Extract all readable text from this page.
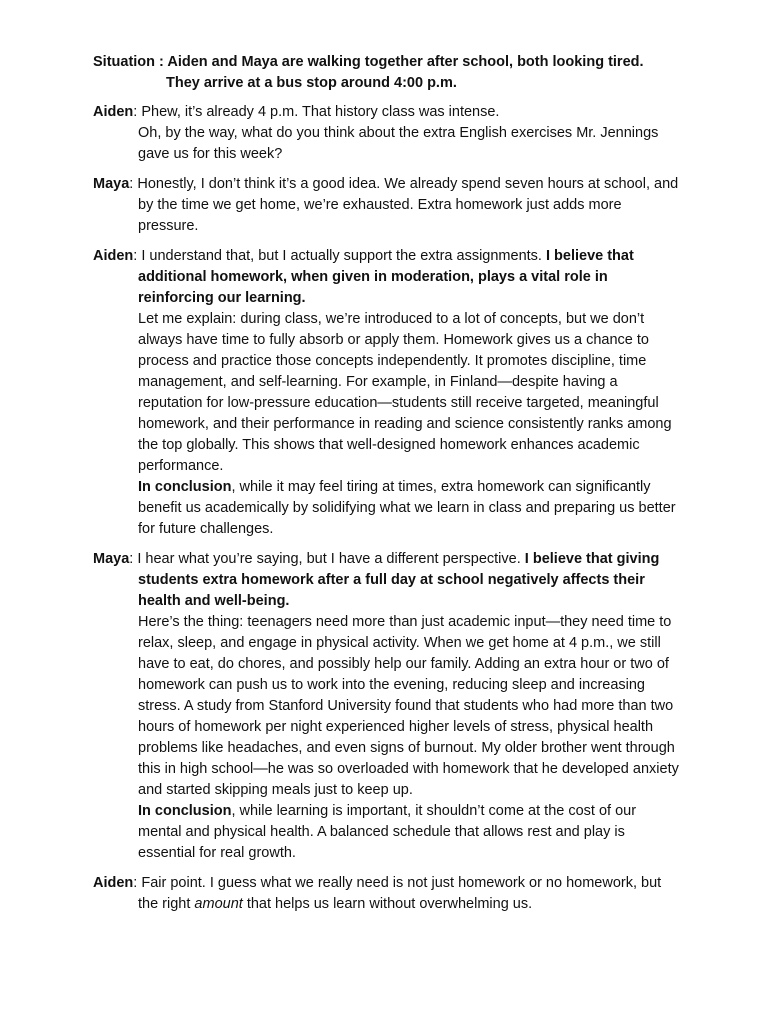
Situation : Aiden and Maya are walking together after school, both looking tired.
They arrive at a bus stop around 4:00 p.m.
Aiden: Phew, it’s already 4 p.m. That history class was intense.
Oh, by the way, what do you think about the extra English exercises Mr. Jennings gave us for this week?
Maya: Honestly, I don’t think it’s a good idea. We already spend seven hours at school, and by the time we get home, we’re exhausted. Extra homework just adds more pressure.
Aiden: I understand that, but I actually support the extra assignments. I believe that additional homework, when given in moderation, plays a vital role in reinforcing our learning.
Let me explain: during class, we’re introduced to a lot of concepts, but we don’t always have time to fully absorb or apply them. Homework gives us a chance to process and practice those concepts independently. It promotes discipline, time management, and self-learning. For example, in Finland—despite having a reputation for low-pressure education—students still receive targeted, meaningful homework, and their performance in reading and science consistently ranks among the top globally. This shows that well-designed homework enhances academic performance.
In conclusion, while it may feel tiring at times, extra homework can significantly benefit us academically by solidifying what we learn in class and preparing us better for future challenges.
Maya: I hear what you’re saying, but I have a different perspective. I believe that giving students extra homework after a full day at school negatively affects their health and well-being.
Here’s the thing: teenagers need more than just academic input—they need time to relax, sleep, and engage in physical activity. When we get home at 4 p.m., we still have to eat, do chores, and possibly help our family. Adding an extra hour or two of homework can push us to work into the evening, reducing sleep and increasing stress. A study from Stanford University found that students who had more than two hours of homework per night experienced higher levels of stress, physical health problems like headaches, and even signs of burnout. My older brother went through this in high school—he was so overloaded with homework that he developed anxiety and started skipping meals just to keep up.
In conclusion, while learning is important, it shouldn’t come at the cost of our mental and physical health. A balanced schedule that allows rest and play is essential for real growth.
Aiden: Fair point. I guess what we really need is not just homework or no homework, but the right amount that helps us learn without overwhelming us.
